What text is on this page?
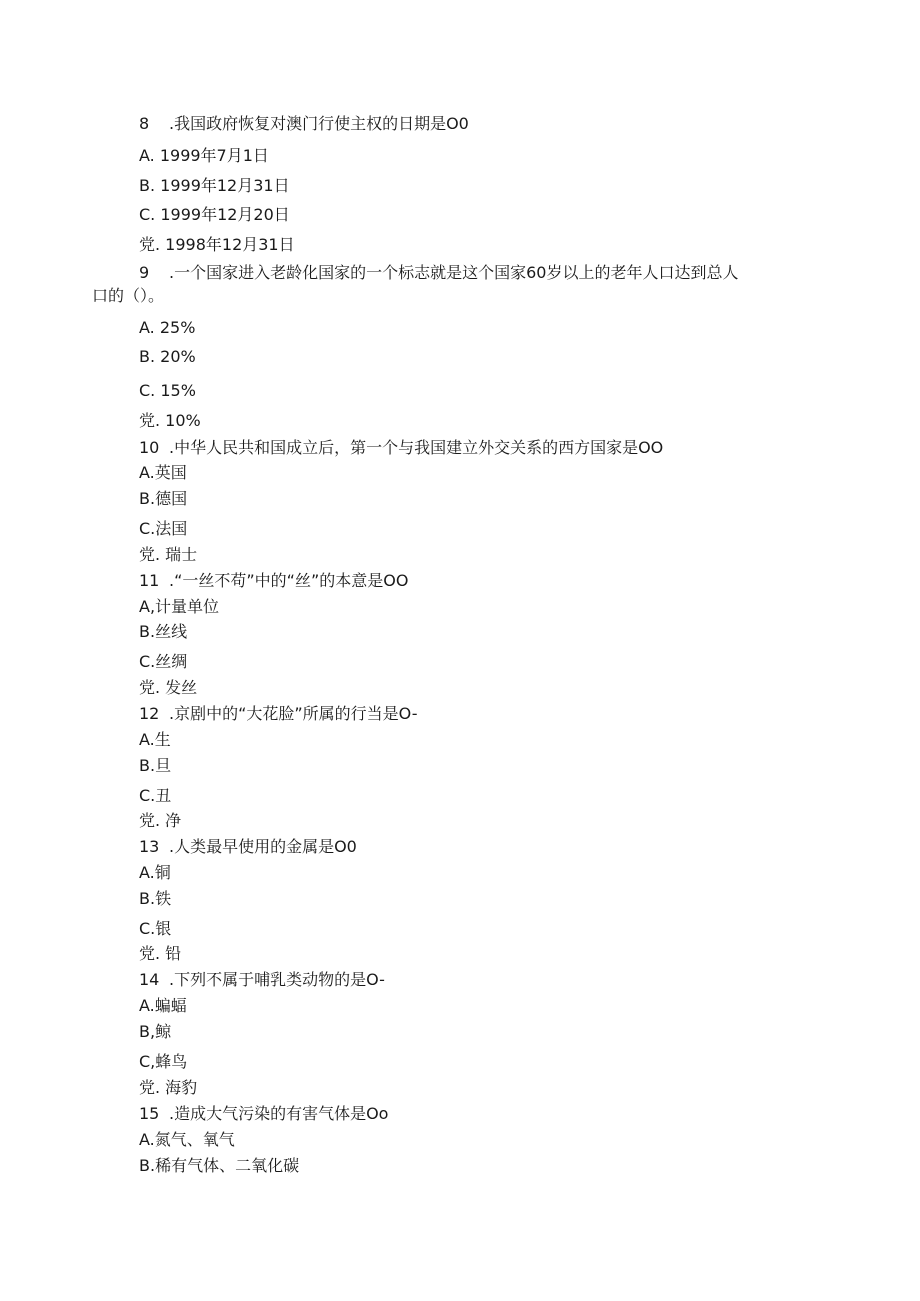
8 .我国政府恢复对澳门行使主权的日期是O0
A. 1999年7月1日
B. 1999年12月31日
C. 1999年12月20日
党. 1998年12月31日
9 .一个国家进入老龄化国家的一个标志就是这个国家60岁以上的老年人口达到总人
口的（）。
A. 25%
B. 20%
C. 15%
党. 10%
10 .中华人民共和国成立后，第一个与我国建立外交关系的西方国家是OO
A.英国
B.德国
C.法国
党. 瑞士
11 .“一丝不苟”中的“丝”的本意是OO
A,计量单位
B.丝线
C.丝绸
党. 发丝
12 .京剧中的“大花脸”所属的行当是O-
A.生
B.旦
C.丑
党. 净
13 .人类最早使用的金属是O0
A.铜
B.铁
C.银
党. 铅
14 .下列不属于哺乳类动物的是O-
A.蝙蝠
B,鲸
C,蜂鸟
党. 海豹
15 .造成大气污染的有害气体是Oo
A.氮气、氧气
B.稀有气体、二氧化碳
